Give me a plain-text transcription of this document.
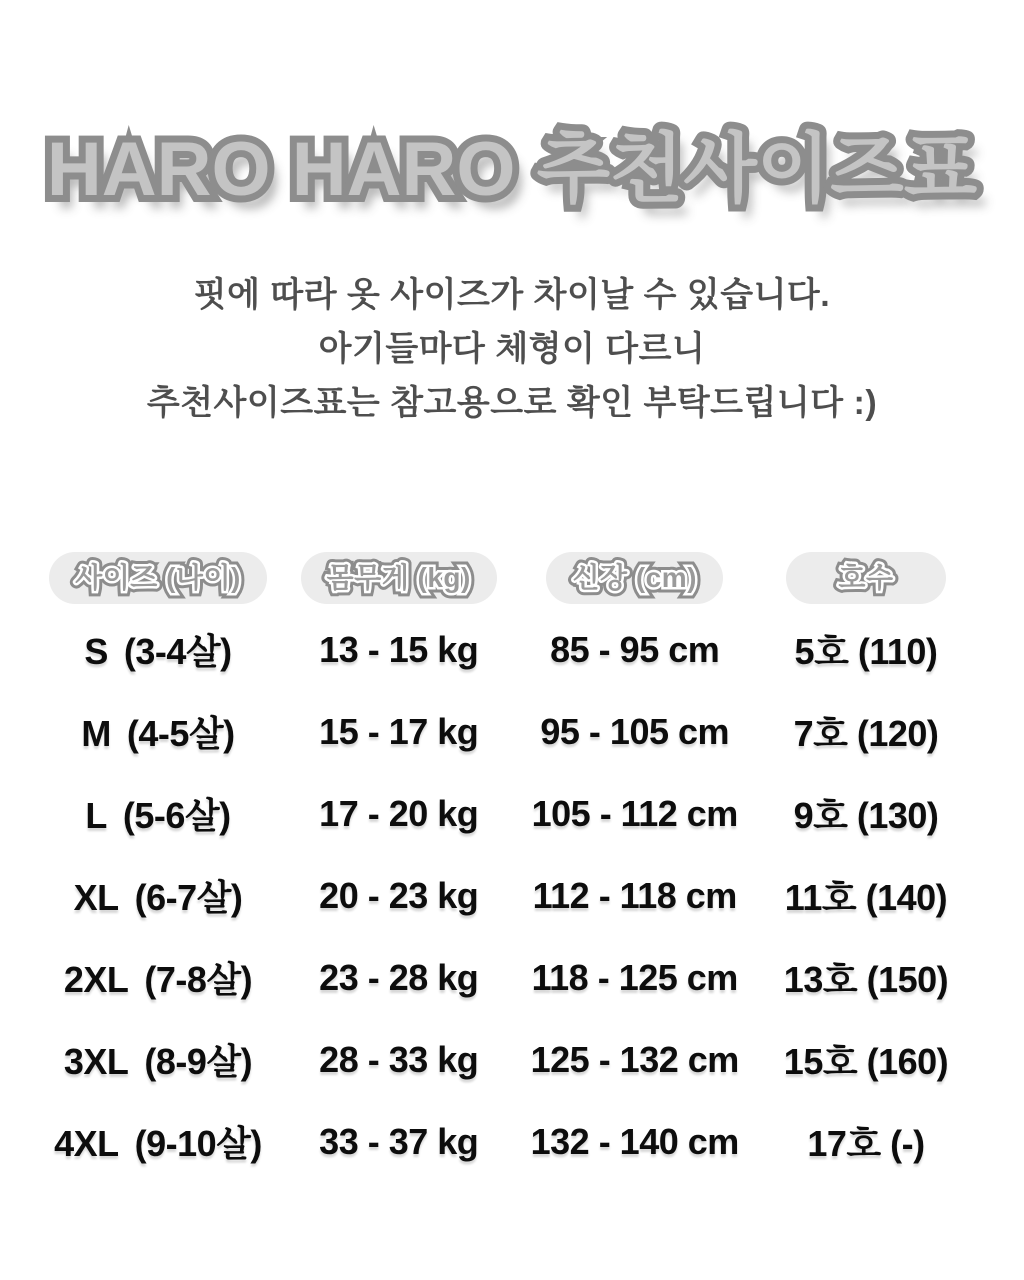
HARO HARO 추천사이즈표 HARO HARO 추천사이즈표

핏에 따라 옷 사이즈가 차이날 수 있습니다.

아기들마다 체형이 다르니

추천사이즈표는 참고용으로 확인 부탁드립니다 :)

사이즈 (나이) 사이즈 (나이) 사이즈 (나이)	몸무게 (kg) 몸무게 (kg) 몸무게 (kg)	신장 (cm) 신장 (cm) 신장 (cm)	호수 호수 호수
S (3-4살) 13 - 15 kg 85 - 95 cm 5호 (110)
M (4-5살) 15 - 17 kg 95 - 105 cm 7호 (120)
L (5-6살) 17 - 20 kg 105 - 112 cm 9호 (130)
XL (6-7살) 20 - 23 kg 112 - 118 cm 11호 (140)
2XL (7-8살) 23 - 28 kg 118 - 125 cm 13호 (150)
3XL (8-9살) 28 - 33 kg 125 - 132 cm 15호 (160)
4XL (9-10살) 33 - 37 kg 132 - 140 cm 17호 (-)
